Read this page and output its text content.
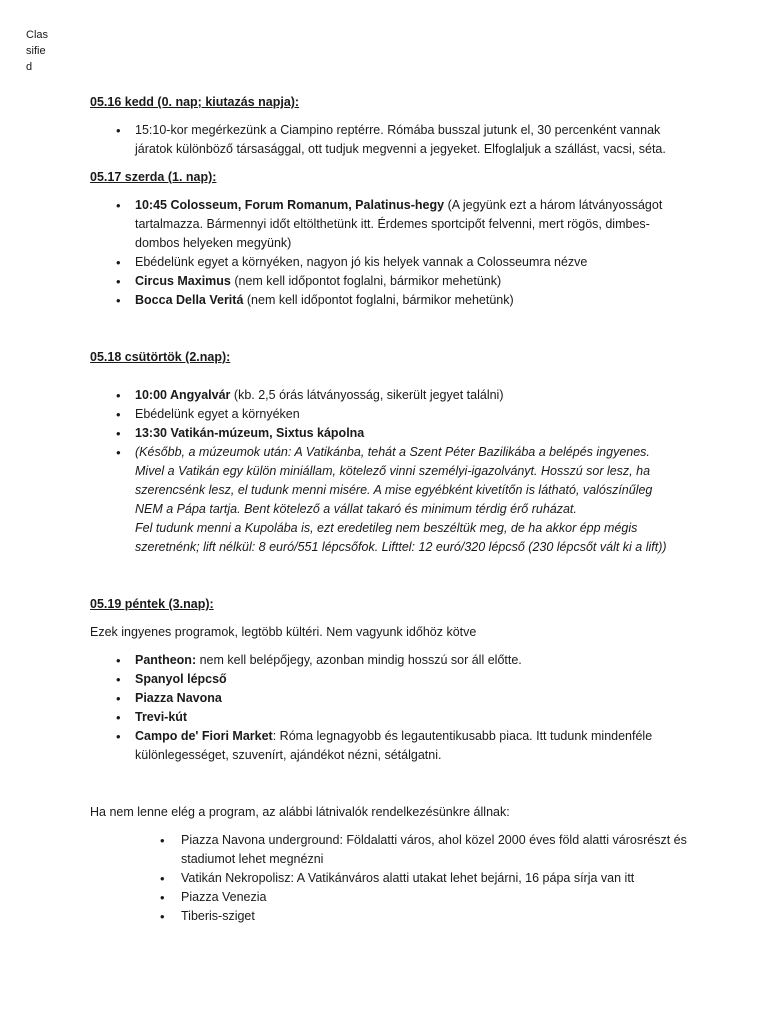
Classified

05.16 kedd (0. nap; kiutazás napja):

• 15:10-kor megérkezünk a Ciampino reptérre. Rómába busszal jutunk el, 30 percenként vannak járatok különböző társasággal, ott tudjuk megvenni a jegyeket. Elfoglaljuk a szállást, vacsi, séta.

05.17 szerda (1. nap):

• 10:45 Colosseum, Forum Romanum, Palatinus-hegy (A jegyünk ezt a három látványosságot tartalmazza. Bármennyi időt eltölthetünk itt. Érdemes sportcipőt felvenni, mert rögös, dimbes-dombos helyeken megyünk)
• Ebédelünk egyet a környéken, nagyon jó kis helyek vannak a Colosseumra nézve
• Circus Maximus (nem kell időpontot foglalni, bármikor mehetünk)
• Bocca Della Veritá (nem kell időpontot foglalni, bármikor mehetünk)

05.18 csütörtök (2.nap):

• 10:00 Angyalvár (kb. 2,5 órás látványosság, sikerült jegyet találni)
• Ebédelünk egyet a környéken
• 13:30 Vatikán-múzeum, Sixtus kápolna
• (Később, a múzeumok után: A Vatikánba, tehát a Szent Péter Bazilikába a belépés ingyenes.
Mivel a Vatikán egy külön miniállam, kötelező vinni személyi-igazolványt. Hosszú sor lesz, ha
szerencsénk lesz, el tudunk menni misére. A mise egyébként kivetítőn is látható, valószínűleg
NEM a Pápa tartja. Bent kötelező a vállat takaró és minimum térdig érő ruházat.
Fel tudunk menni a Kupolába is, ezt eredetileg nem beszéltük meg, de ha akkor épp mégis
szeretnénk; lift nélkül: 8 euró/551 lépcsőfok. Lifttel: 12 euró/320 lépcső (230 lépcsőt vált ki a lift))

05.19 péntek (3.nap):

Ezek ingyenes programok, legtöbb kültéri. Nem vagyunk időhöz kötve

• Pantheon: nem kell belépőjegy, azonban mindig hosszú sor áll előtte.
• Spanyol lépcső
• Piazza Navona
• Trevi-kút
• Campo de' Fiori Market: Róma legnagyobb és legautentikusabb piaca. Itt tudunk mindenféle különlegességet, szuvenírt, ajándékot nézni, sétálgatni.

Ha nem lenne elég a program, az alábbi látnivalók rendelkezésünkre állnak:

• Piazza Navona underground: Földalatti város, ahol közel 2000 éves föld alatti városrészt és stadiumot lehet megnézni
• Vatikán Nekropolisz: A Vatikánváros alatti utakat lehet bejárni, 16 pápa sírja van itt
• Piazza Venezia
• Tiberis-sziget
